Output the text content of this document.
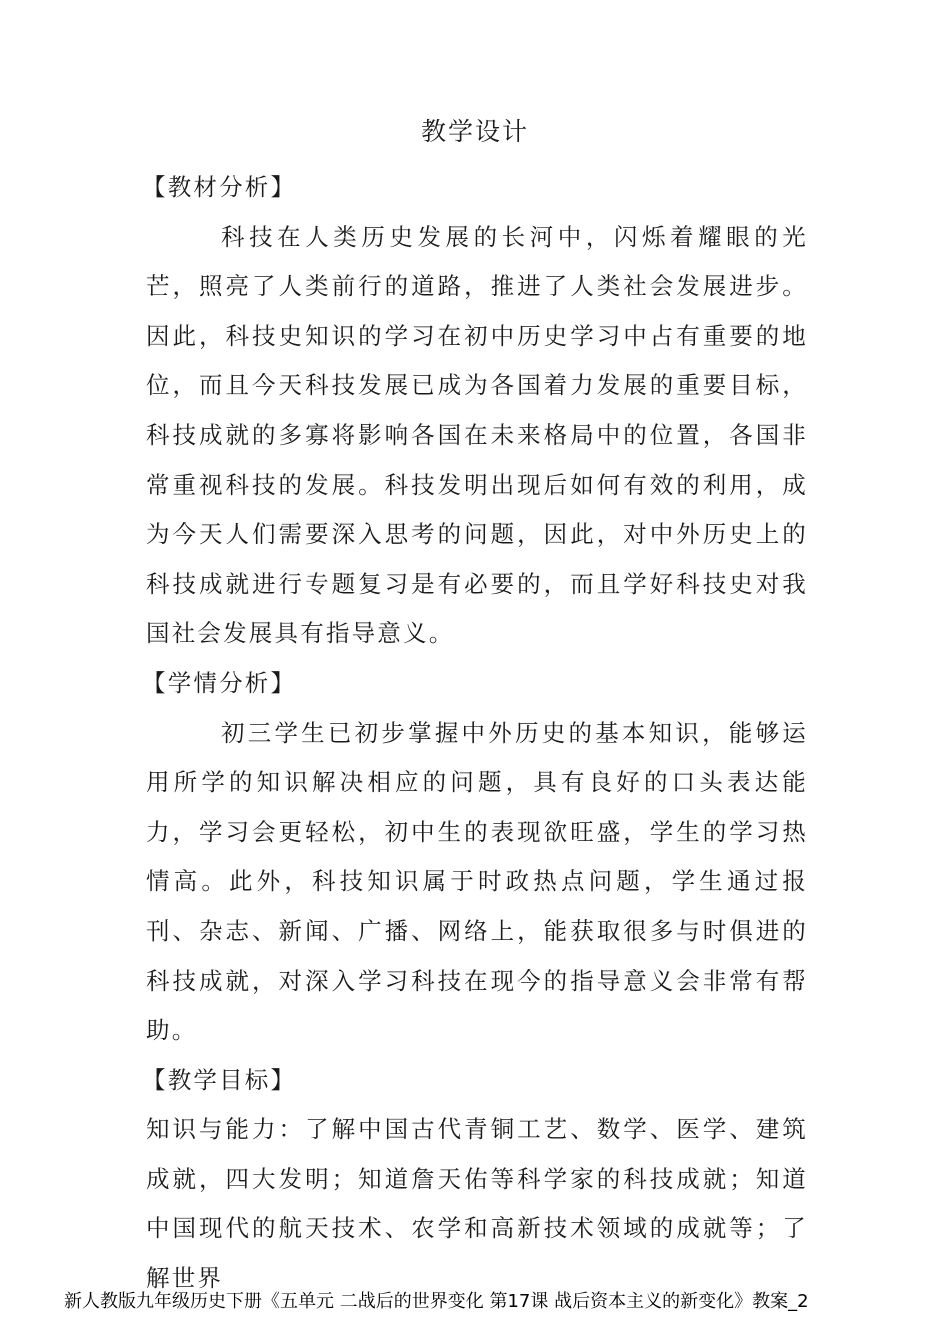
教学设计

【教材分析】

科技在人类历史发展的长河中，闪烁着耀眼的光芒，照亮了人类前行的道路，推进了人类社会发展进步。因此，科技史知识的学习在初中历史学习中占有重要的地位，而且今天科技发展已成为各国着力发展的重要目标，科技成就的多寡将影响各国在未来格局中的位置，各国非常重视科技的发展。科技发明出现后如何有效的利用，成为今天人们需要深入思考的问题，因此，对中外历史上的科技成就进行专题复习是有必要的，而且学好科技史对我国社会发展具有指导意义。

【学情分析】

初三学生已初步掌握中外历史的基本知识，能够运用所学的知识解决相应的问题，具有良好的口头表达能力，学习会更轻松，初中生的表现欲旺盛，学生的学习热情高。此外，科技知识属于时政热点问题，学生通过报刊、杂志、新闻、广播、网络上，能获取很多与时俱进的科技成就，对深入学习科技在现今的指导意义会非常有帮助。

【教学目标】

知识与能力：了解中国古代青铜工艺、数学、医学、建筑成就，四大发明；知道詹天佑等科学家的科技成就；知道中国现代的航天技术、农学和高新技术领域的成就等；了解世界

新人教版九年级历史下册《五单元 二战后的世界变化 第17课 战后资本主义的新变化》教案_2
